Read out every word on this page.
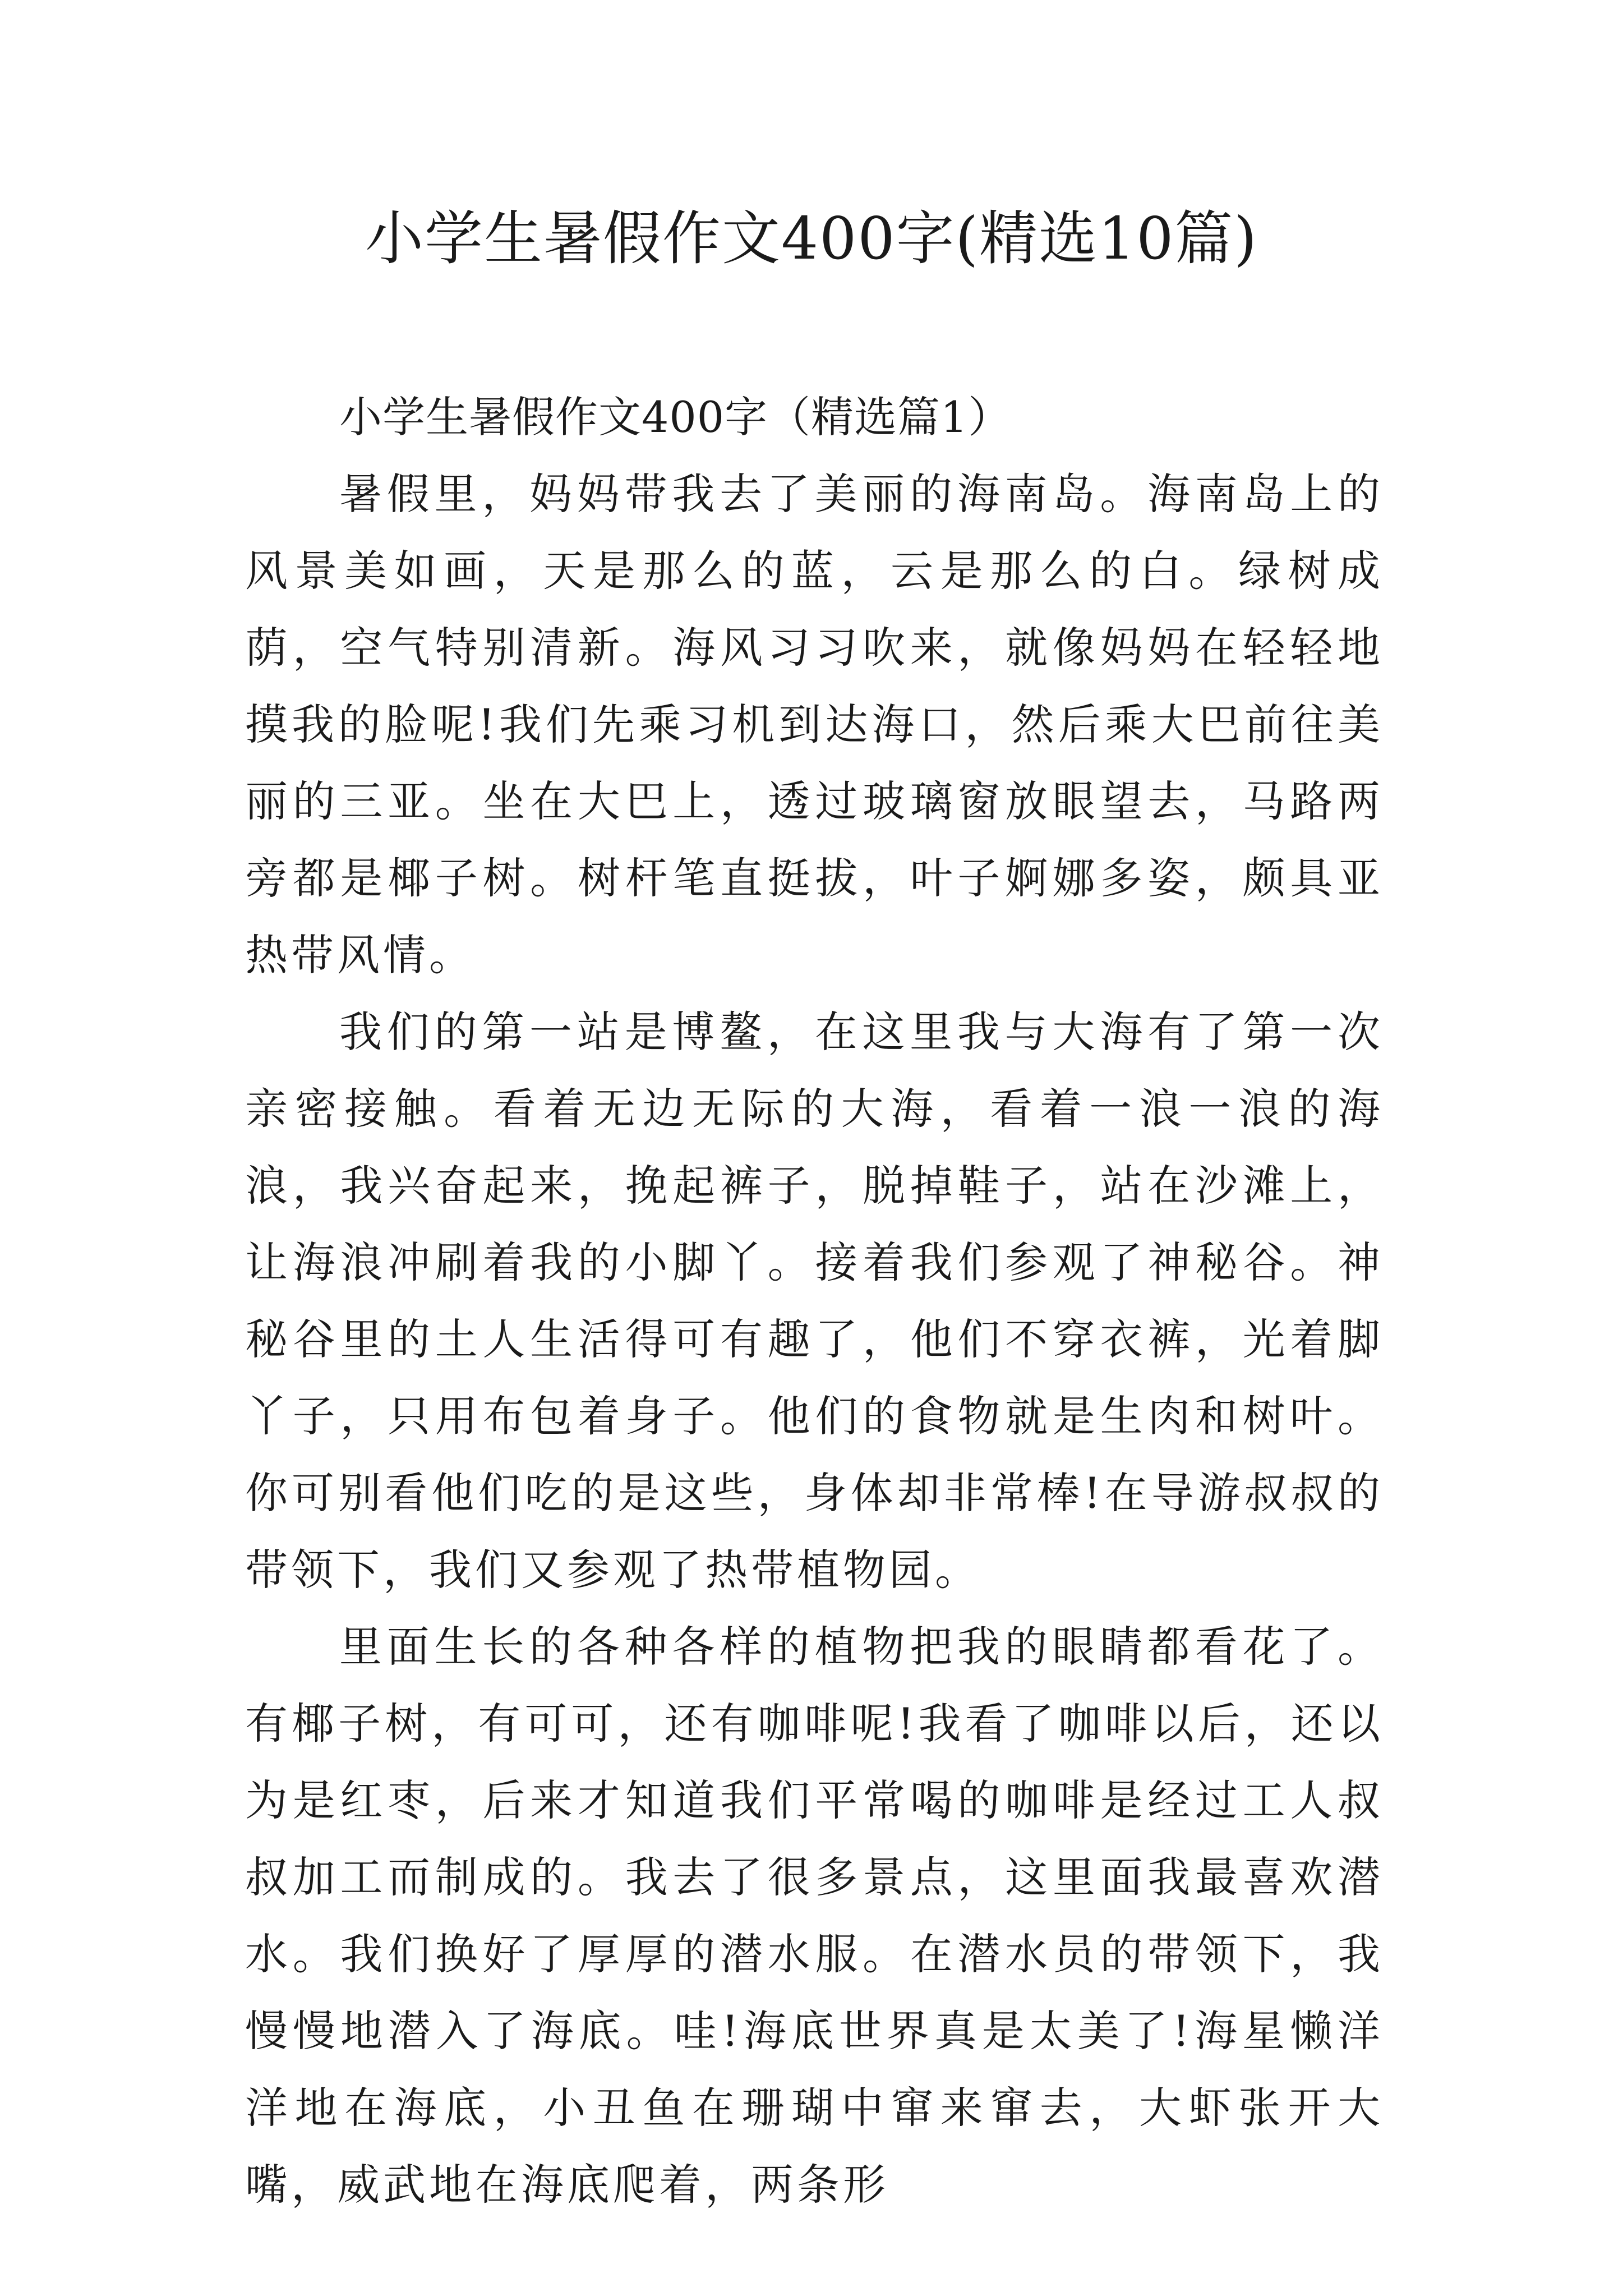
小学生暑假作文400字(精选10篇)

小学生暑假作文400字（精选篇1）

暑假里，妈妈带我去了美丽的海南岛。海南岛上的风景美如画，天是那么的蓝，云是那么的白。绿树成荫，空气特别清新。海风习习吹来，就像妈妈在轻轻地摸我的脸呢!我们先乘习机到达海口，然后乘大巴前往美丽的三亚。坐在大巴上，透过玻璃窗放眼望去，马路两旁都是椰子树。树杆笔直挺拔，叶子婀娜多姿，颇具亚热带风情。

我们的第一站是博鳌，在这里我与大海有了第一次亲密接触。看着无边无际的大海，看着一浪一浪的海浪，我兴奋起来，挽起裤子，脱掉鞋子，站在沙滩上，让海浪冲刷着我的小脚丫。接着我们参观了神秘谷。神秘谷里的土人生活得可有趣了，他们不穿衣裤，光着脚丫子，只用布包着身子。他们的食物就是生肉和树叶。你可别看他们吃的是这些，身体却非常棒!在导游叔叔的带领下，我们又参观了热带植物园。

里面生长的各种各样的植物把我的眼睛都看花了。有椰子树，有可可，还有咖啡呢!我看了咖啡以后，还以为是红枣，后来才知道我们平常喝的咖啡是经过工人叔叔加工而制成的。我去了很多景点，这里面我最喜欢潜水。我们换好了厚厚的潜水服。在潜水员的带领下，我慢慢地潜入了海底。哇!海底世界真是太美了!海星懒洋洋地在海底，小丑鱼在珊瑚中窜来窜去，大虾张开大嘴，威武地在海底爬着，两条形
